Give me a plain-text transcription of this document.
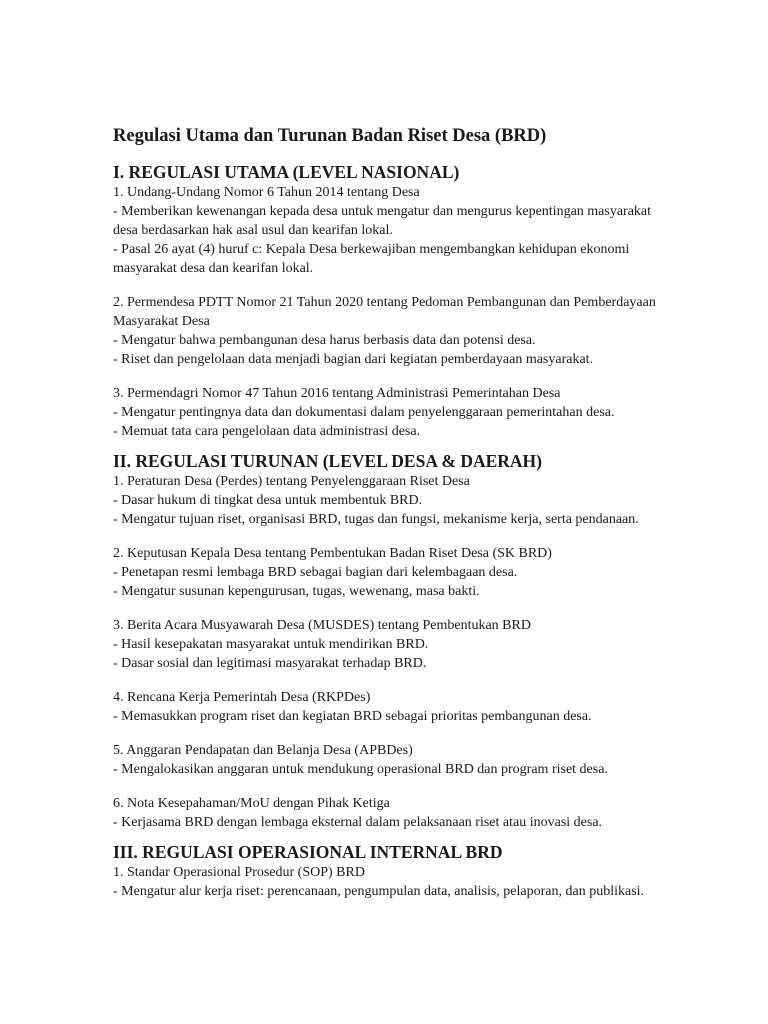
Regulasi Utama dan Turunan Badan Riset Desa (BRD)
I. REGULASI UTAMA (LEVEL NASIONAL)

1. Undang-Undang Nomor 6 Tahun 2014 tentang Desa

- Memberikan kewenangan kepada desa untuk mengatur dan mengurus kepentingan masyarakat desa berdasarkan hak asal usul dan kearifan lokal.

- Pasal 26 ayat (4) huruf c: Kepala Desa berkewajiban mengembangkan kehidupan ekonomi masyarakat desa dan kearifan lokal.

2. Permendesa PDTT Nomor 21 Tahun 2020 tentang Pedoman Pembangunan dan Pemberdayaan Masyarakat Desa

- Mengatur bahwa pembangunan desa harus berbasis data dan potensi desa.

- Riset dan pengelolaan data menjadi bagian dari kegiatan pemberdayaan masyarakat.

3. Permendagri Nomor 47 Tahun 2016 tentang Administrasi Pemerintahan Desa

- Mengatur pentingnya data dan dokumentasi dalam penyelenggaraan pemerintahan desa.

- Memuat tata cara pengelolaan data administrasi desa.

II. REGULASI TURUNAN (LEVEL DESA & DAERAH)

1. Peraturan Desa (Perdes) tentang Penyelenggaraan Riset Desa

- Dasar hukum di tingkat desa untuk membentuk BRD.

- Mengatur tujuan riset, organisasi BRD, tugas dan fungsi, mekanisme kerja, serta pendanaan.

2. Keputusan Kepala Desa tentang Pembentukan Badan Riset Desa (SK BRD)

- Penetapan resmi lembaga BRD sebagai bagian dari kelembagaan desa.

- Mengatur susunan kepengurusan, tugas, wewenang, masa bakti.

3. Berita Acara Musyawarah Desa (MUSDES) tentang Pembentukan BRD

- Hasil kesepakatan masyarakat untuk mendirikan BRD.

- Dasar sosial dan legitimasi masyarakat terhadap BRD.

4. Rencana Kerja Pemerintah Desa (RKPDes)

- Memasukkan program riset dan kegiatan BRD sebagai prioritas pembangunan desa.

5. Anggaran Pendapatan dan Belanja Desa (APBDes)

- Mengalokasikan anggaran untuk mendukung operasional BRD dan program riset desa.

6. Nota Kesepahaman/MoU dengan Pihak Ketiga

- Kerjasama BRD dengan lembaga eksternal dalam pelaksanaan riset atau inovasi desa.

III. REGULASI OPERASIONAL INTERNAL BRD

1. Standar Operasional Prosedur (SOP) BRD

- Mengatur alur kerja riset: perencanaan, pengumpulan data, analisis, pelaporan, dan publikasi.
